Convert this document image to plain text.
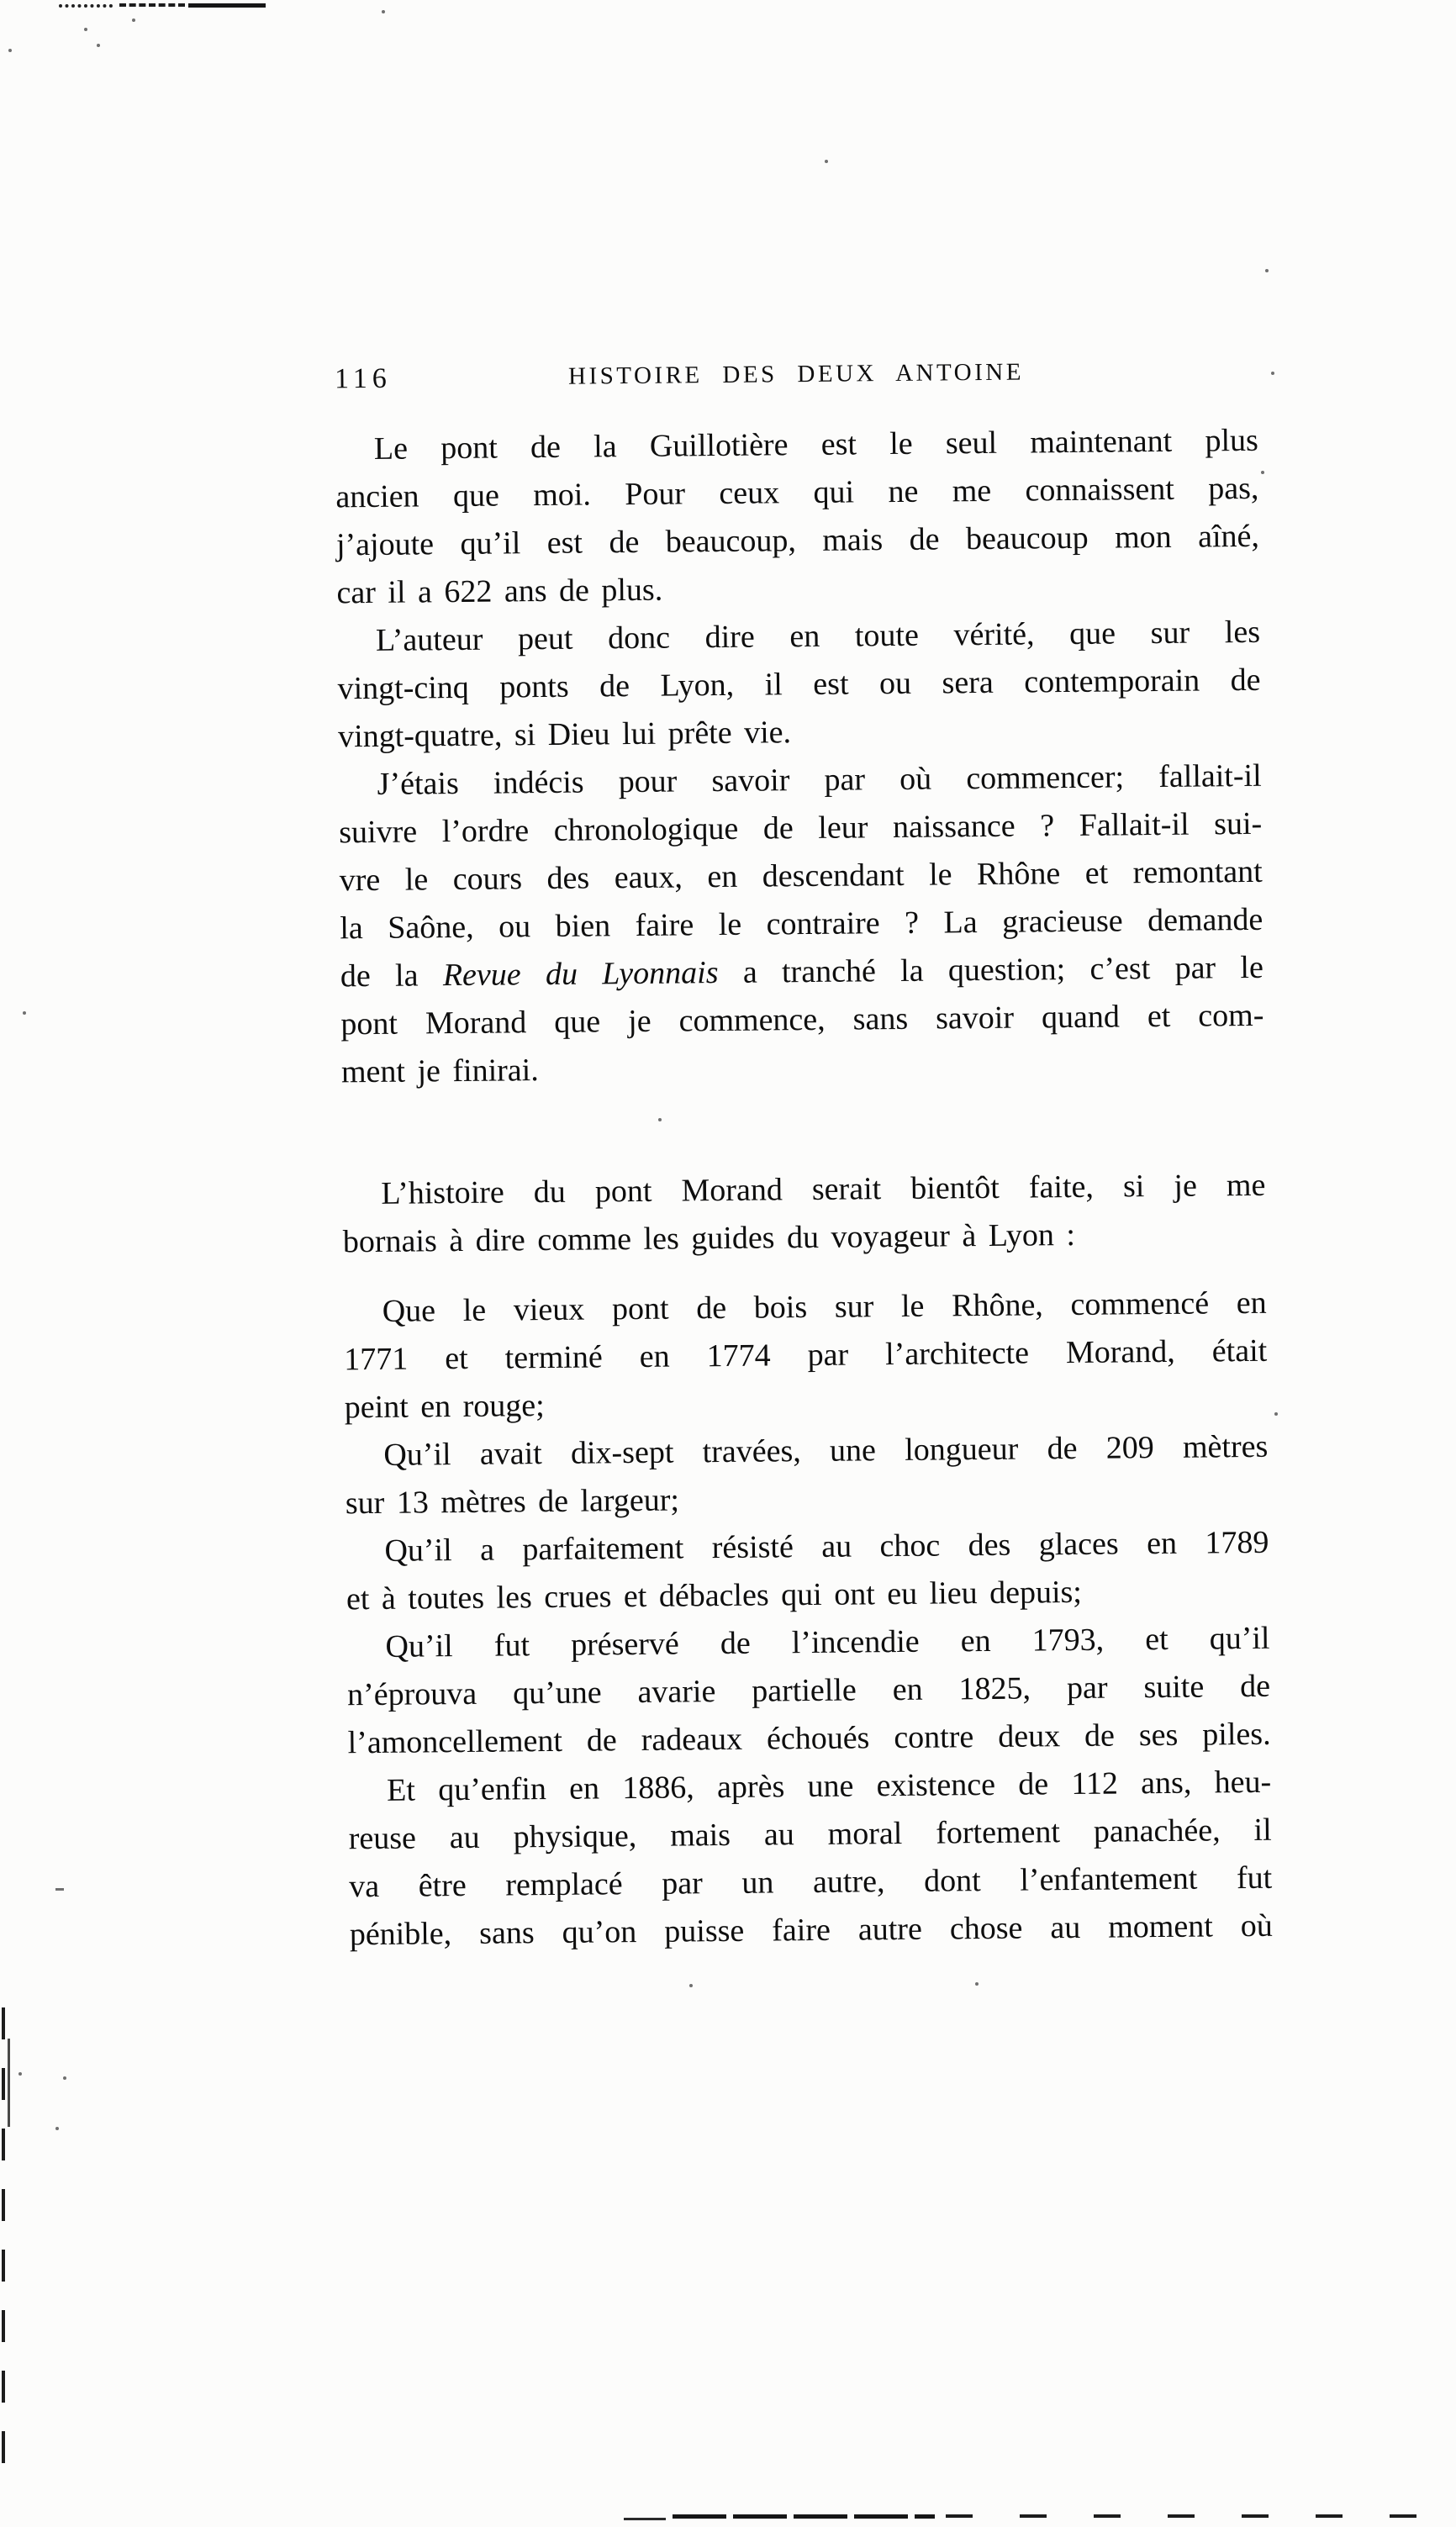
116	HISTOIRE DES DEUX ANTOINE
Le pont de la Guillotière est le seul maintenant plus
ancien que moi. Pour ceux qui ne me connaissent pas,
j’ajoute qu’il est de beaucoup, mais de beaucoup mon aîné,
car il a 622 ans de plus.
L’auteur peut donc dire en toute vérité, que sur les
vingt-cinq ponts de Lyon, il est ou sera contemporain de
vingt-quatre, si Dieu lui prête vie.
J’étais indécis pour savoir par où commencer; fallait-il
suivre l’ordre chronologique de leur naissance ? Fallait-il sui-
vre le cours des eaux, en descendant le Rhône et remontant
la Saône, ou bien faire le contraire ? La gracieuse demande
de la Revue du Lyonnais a tranché la question; c’est par le
pont Morand que je commence, sans savoir quand et com-
ment je finirai.
L’histoire du pont Morand serait bientôt faite, si je me
bornais à dire comme les guides du voyageur à Lyon :
Que le vieux pont de bois sur le Rhône, commencé en
1771 et terminé en 1774 par l’architecte Morand, était
peint en rouge;
Qu’il avait dix-sept travées, une longueur de 209 mètres
sur 13 mètres de largeur;
Qu’il a parfaitement résisté au choc des glaces en 1789
et à toutes les crues et débacles qui ont eu lieu depuis;
Qu’il fut préservé de l’incendie en 1793, et qu’il
n’éprouva qu’une avarie partielle en 1825, par suite de
l’amoncellement de radeaux échoués contre deux de ses piles.
Et qu’enfin en 1886, après une existence de 112 ans, heu-
reuse au physique, mais au moral fortement panachée, il
va être remplacé par un autre, dont l’enfantement fut
pénible, sans qu’on puisse faire autre chose au moment où
